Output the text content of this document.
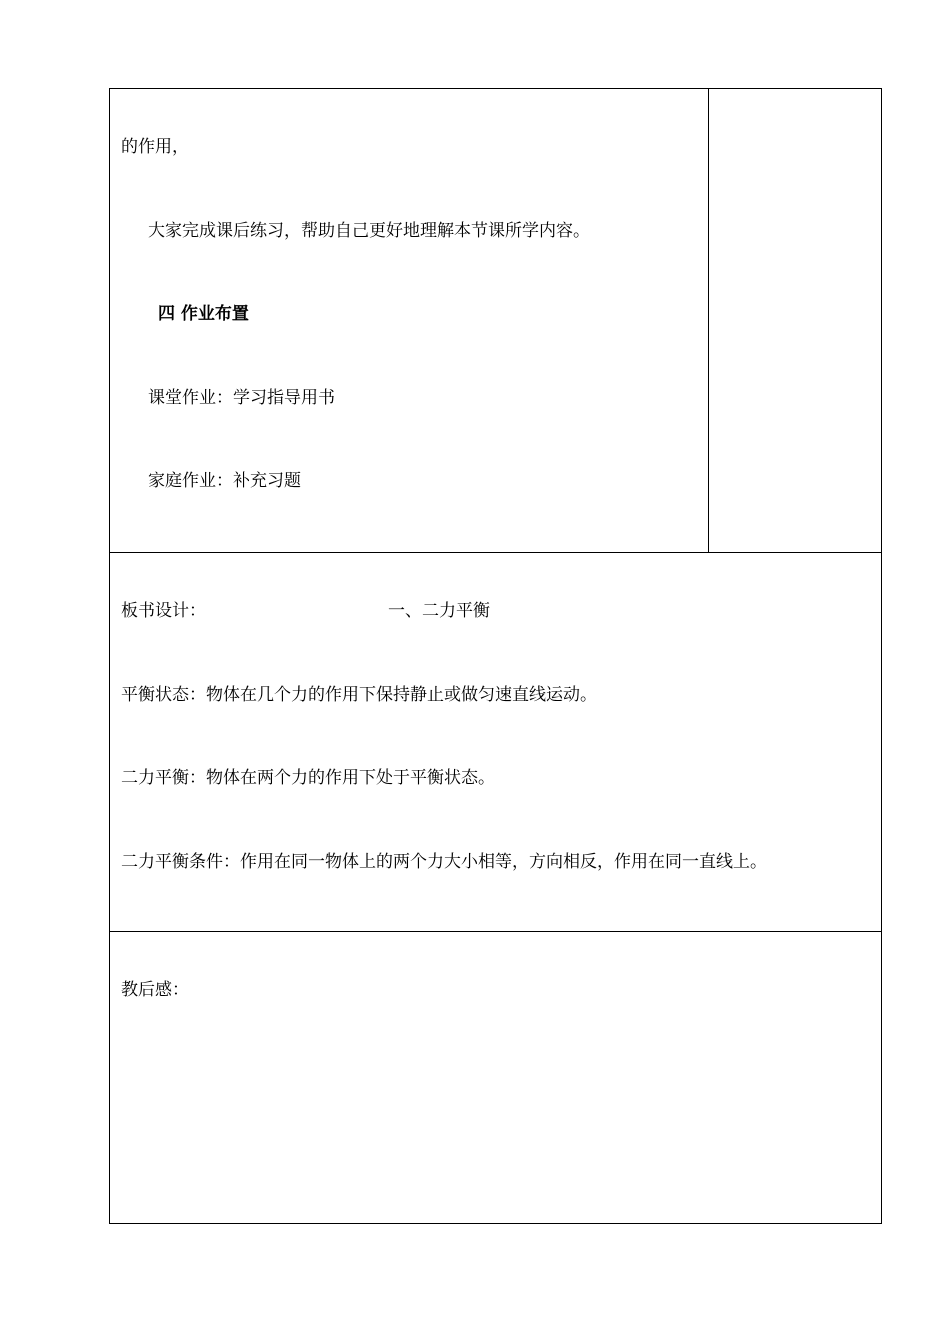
的作用，
大家完成课后练习，帮助自己更好地理解本节课所学内容。
四 作业布置
课堂作业：学习指导用书
家庭作业：补充习题
板书设计：	一、二力平衡
平衡状态：物体在几个力的作用下保持静止或做匀速直线运动。
二力平衡：物体在两个力的作用下处于平衡状态。
二力平衡条件：作用在同一物体上的两个力大小相等，方向相反，作用在同一直线上。
教后感：
